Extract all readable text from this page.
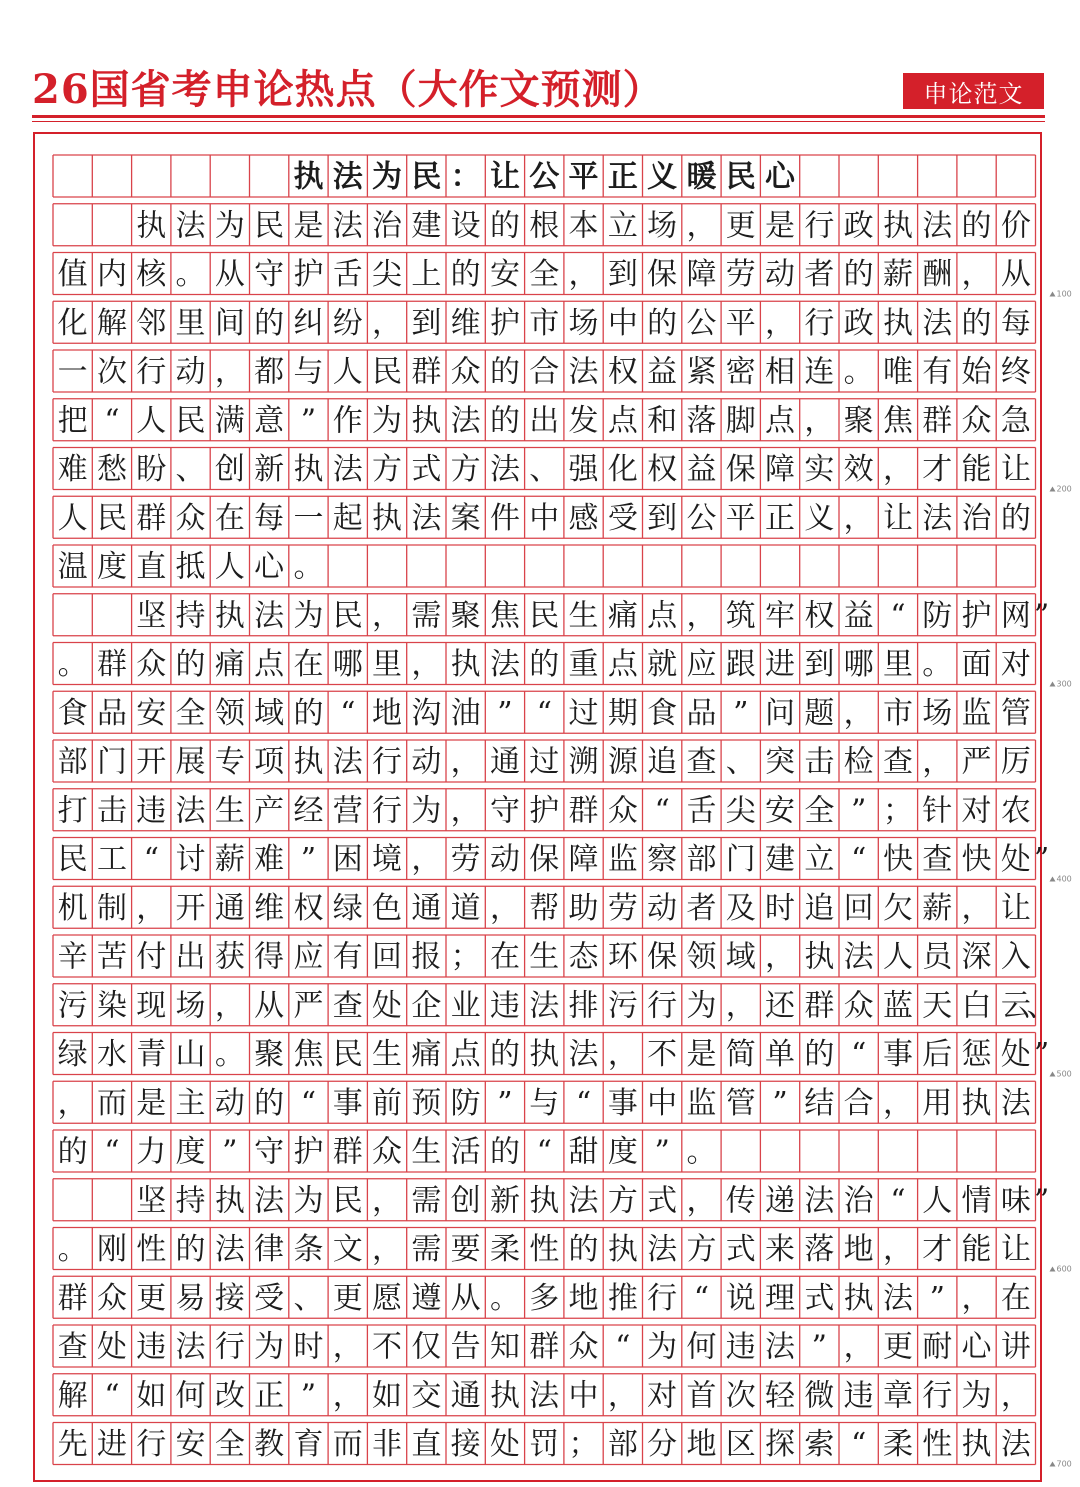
26国省考申论热点（大作文预测）	申论范文
执 法 为 民 ： 让 公 平 正 义 暖 民 心
执 法 为 民 是 法 治 建 设 的 根 本 立 场 ， 更 是 行 政 执 法 的 价
值 内 核 。 从 守 护 舌 尖 上 的 安 全 ， 到 保 障 劳 动 者 的 薪 酬 ， 从
化 解 邻 里 间 的 纠 纷 ， 到 维 护 市 场 中 的 公 平 ， 行 政 执 法 的 每
一 次 行 动 ， 都 与 人 民 群 众 的 合 法 权 益 紧 密 相 连 。 唯 有 始 终
把 “ 人 民 满 意 ” 作 为 执 法 的 出 发 点 和 落 脚 点 ， 聚 焦 群 众 急
难 愁 盼 、 创 新 执 法 方 式 方 法 、 强 化 权 益 保 障 实 效 ， 才 能 让
人 民 群 众 在 每 一 起 执 法 案 件 中 感 受 到 公 平 正 义 ， 让 法 治 的
温 度 直 抵 人 心 。
坚 持 执 法 为 民 ， 需 聚 焦 民 生 痛 点 ， 筑 牢 权 益 “ 防 护 网 ”
。 群 众 的 痛 点 在 哪 里 ， 执 法 的 重 点 就 应 跟 进 到 哪 里 。 面 对
食 品 安 全 领 域 的 “ 地 沟 油 ” “ 过 期 食 品 ” 问 题 ， 市 场 监 管
部 门 开 展 专 项 执 法 行 动 ， 通 过 溯 源 追 查 、 突 击 检 查 ， 严 厉
打 击 违 法 生 产 经 营 行 为 ， 守 护 群 众 “ 舌 尖 安 全 ” ； 针 对 农
民 工 “ 讨 薪 难 ” 困 境 ， 劳 动 保 障 监 察 部 门 建 立 “ 快 查 快 处 ”
机 制 ， 开 通 维 权 绿 色 通 道 ， 帮 助 劳 动 者 及 时 追 回 欠 薪 ， 让
辛 苦 付 出 获 得 应 有 回 报 ； 在 生 态 环 保 领 域 ， 执 法 人 员 深 入
污 染 现 场 ， 从 严 查 处 企 业 违 法 排 污 行 为 ， 还 群 众 蓝 天 白 云
、
绿 水 青 山 。 聚 焦 民 生 痛 点 的 执 法 ， 不 是 简 单 的 “ 事 后 惩 处 ”
， 而 是 主 动 的 “ 事 前 预 防 ” 与 “ 事 中 监 管 ” 结 合 ， 用 执 法
的 “ 力 度 ” 守 护 群 众 生 活 的 “ 甜 度 ” 。
坚 持 执 法 为 民 ， 需 创 新 执 法 方 式 ， 传 递 法 治 “ 人 情 味 ”
。 刚 性 的 法 律 条 文 ， 需 要 柔 性 的 执 法 方 式 来 落 地 ， 才 能 让
群 众 更 易 接 受 、 更 愿 遵 从 。 多 地 推 行 “ 说 理 式 执 法 ” ， 在
查 处 违 法 行 为 时 ， 不 仅 告 知 群 众 “ 为 何 违 法 ” ， 更 耐 心 讲
解 “ 如 何 改 正 ” ， 如 交 通 执 法 中 ， 对 首 次 轻 微 违 章 行 为 ，
先 进 行 安 全 教 育 而 非 直 接 处 罚 ； 部 分 地 区 探 索 “ 柔 性 执 法
100
200
300
400
500
600
700
